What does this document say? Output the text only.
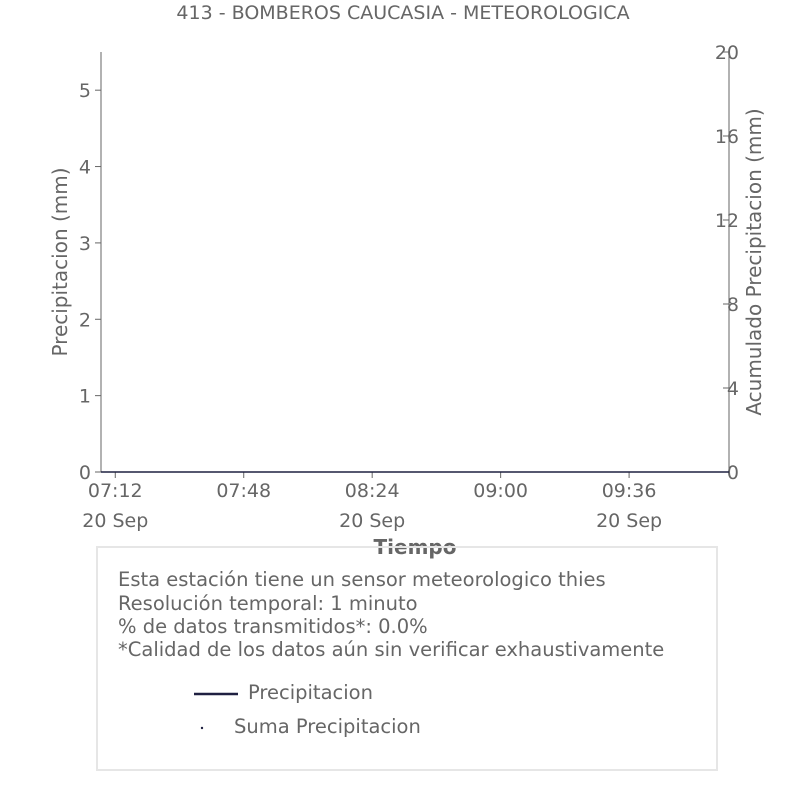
413 - BOMBEROS CAUCASIA - METEOROLOGICA
0
1
2
3
4
5
0
4
8
12
16
20
07:12	07:48	08:24	09:00	09:36
20 Sep	20 Sep	20 Sep
Tiempo
Precipitacion (mm)	Acumulado Precipitacion (mm)
Esta estación tiene un sensor meteorologico thies
Resolución temporal: 1 minuto
% de datos transmitidos*: 0.0%
*Calidad de los datos aún sin verificar exhaustivamente
Precipitacion
Suma Precipitacion
